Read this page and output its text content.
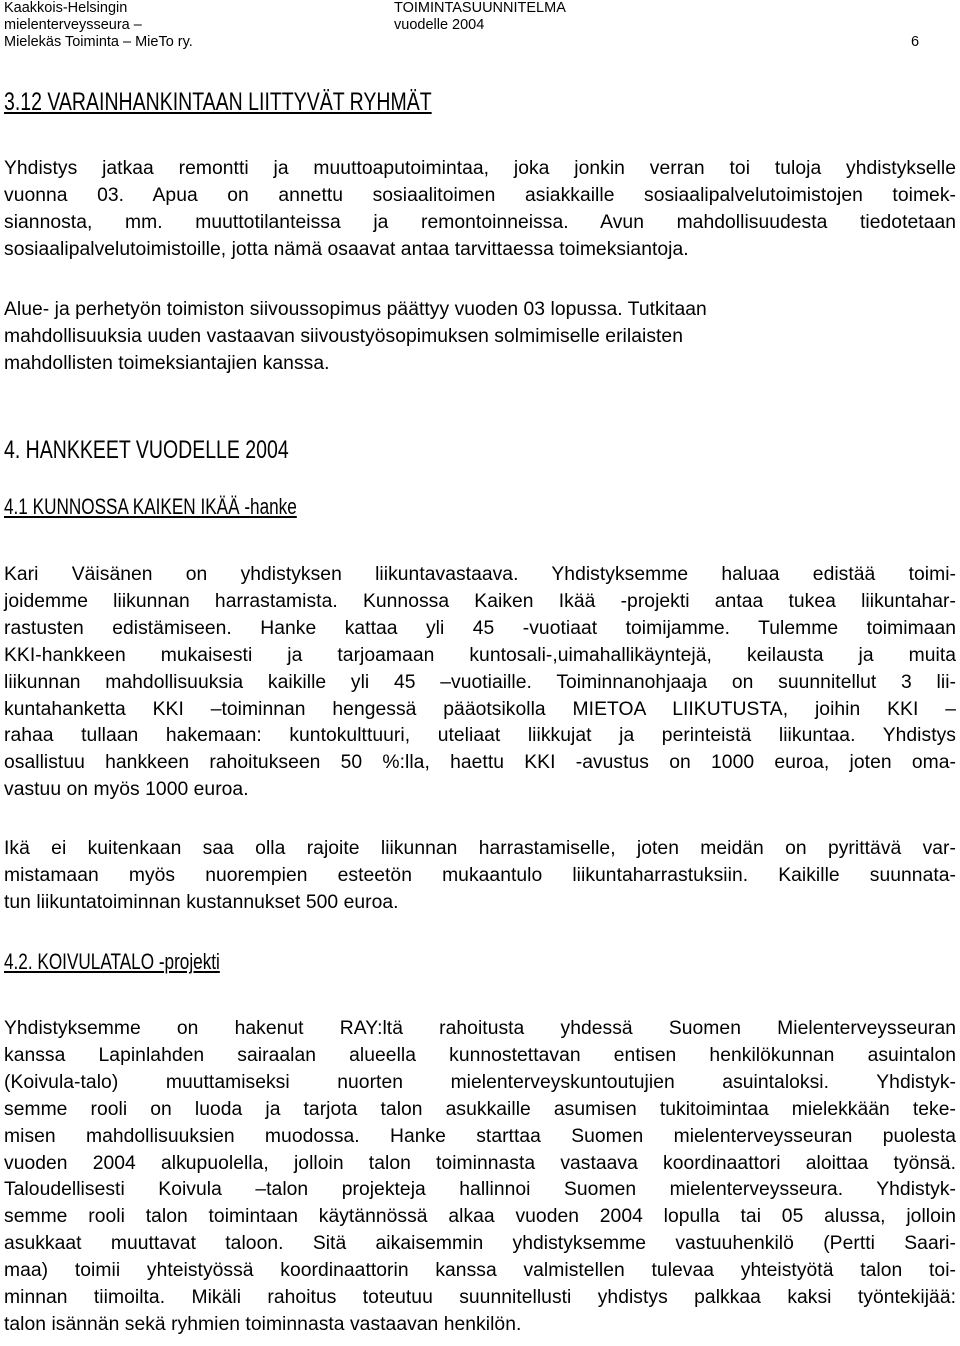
Kaakkois-Helsingin
mielenterveysseura –
Mielekäs Toiminta – MieTo ry.
TOIMINTASUUNNITELMA
vuodelle 2004
6
3.12 VARAINHANKINTAAN LIITTYVÄT RYHMÄT
Yhdistys jatkaa remontti ja muuttoaputoimintaa, joka jonkin verran toi tuloja yhdistykselle
vuonna 03. Apua on annettu sosiaalitoimen asiakkaille sosiaalipalvelutoimistojen toimek-
siannosta, mm. muuttotilanteissa ja remontoinneissa. Avun mahdollisuudesta tiedotetaan
sosiaalipalvelutoimistoille, jotta nämä osaavat antaa tarvittaessa toimeksiantoja.
Alue- ja perhetyön toimiston siivoussopimus päättyy vuoden 03 lopussa. Tutkitaan
mahdollisuuksia uuden vastaavan siivoustyösopimuksen solmimiselle erilaisten
mahdollisten toimeksiantajien kanssa.
4. HANKKEET VUODELLE 2004
4.1 KUNNOSSA KAIKEN IKÄÄ -hanke
Kari Väisänen on yhdistyksen liikuntavastaava. Yhdistyksemme haluaa edistää toimi-
joidemme liikunnan harrastamista. Kunnossa Kaiken Ikää -projekti antaa tukea liikuntahar-
rastusten edistämiseen. Hanke kattaa yli 45 -vuotiaat toimijamme. Tulemme toimimaan
KKI-hankkeen mukaisesti ja tarjoamaan kuntosali-,uimahallikäyntejä, keilausta ja muita
liikunnan mahdollisuuksia kaikille yli 45 –vuotiaille. Toiminnanohjaaja on suunnitellut 3 lii-
kuntahanketta KKI –toiminnan hengessä pääotsikolla MIETOA LIIKUTUSTA, joihin KKI –
rahaa tullaan hakemaan: kuntokulttuuri, uteliaat liikkujat ja perinteistä liikuntaa. Yhdistys
osallistuu hankkeen rahoitukseen 50 %:lla, haettu KKI -avustus on 1000 euroa, joten oma-
vastuu on myös 1000 euroa.
Ikä ei kuitenkaan saa olla rajoite liikunnan harrastamiselle, joten meidän on pyrittävä var-
mistamaan myös nuorempien esteetön mukaantulo liikuntaharrastuksiin. Kaikille suunnata-
tun liikuntatoiminnan kustannukset 500 euroa.
4.2. KOIVULATALO -projekti
Yhdistyksemme on hakenut RAY:ltä rahoitusta yhdessä Suomen Mielenterveysseuran
kanssa Lapinlahden sairaalan alueella kunnostettavan entisen henkilökunnan asuintalon
(Koivula-talo) muuttamiseksi nuorten mielenterveyskuntoutujien asuintaloksi. Yhdistyk-
semme rooli on luoda ja tarjota talon asukkaille asumisen tukitoimintaa mielekkään teke-
misen mahdollisuuksien muodossa. Hanke starttaa Suomen mielenterveysseuran puolesta
vuoden 2004 alkupuolella, jolloin talon toiminnasta vastaava koordinaattori aloittaa työnsä.
Taloudellisesti Koivula –talon projekteja hallinnoi Suomen mielenterveysseura. Yhdistyk-
semme rooli talon toimintaan käytännössä alkaa vuoden 2004 lopulla tai 05 alussa, jolloin
asukkaat muuttavat taloon. Sitä aikaisemmin yhdistyksemme vastuuhenkilö (Pertti Saari-
maa) toimii yhteistyössä koordinaattorin kanssa valmistellen tulevaa yhteistyötä talon toi-
minnan tiimoilta. Mikäli rahoitus toteutuu suunnitellusti yhdistys palkkaa kaksi työntekijää:
talon isännän sekä ryhmien toiminnasta vastaavan henkilön.
